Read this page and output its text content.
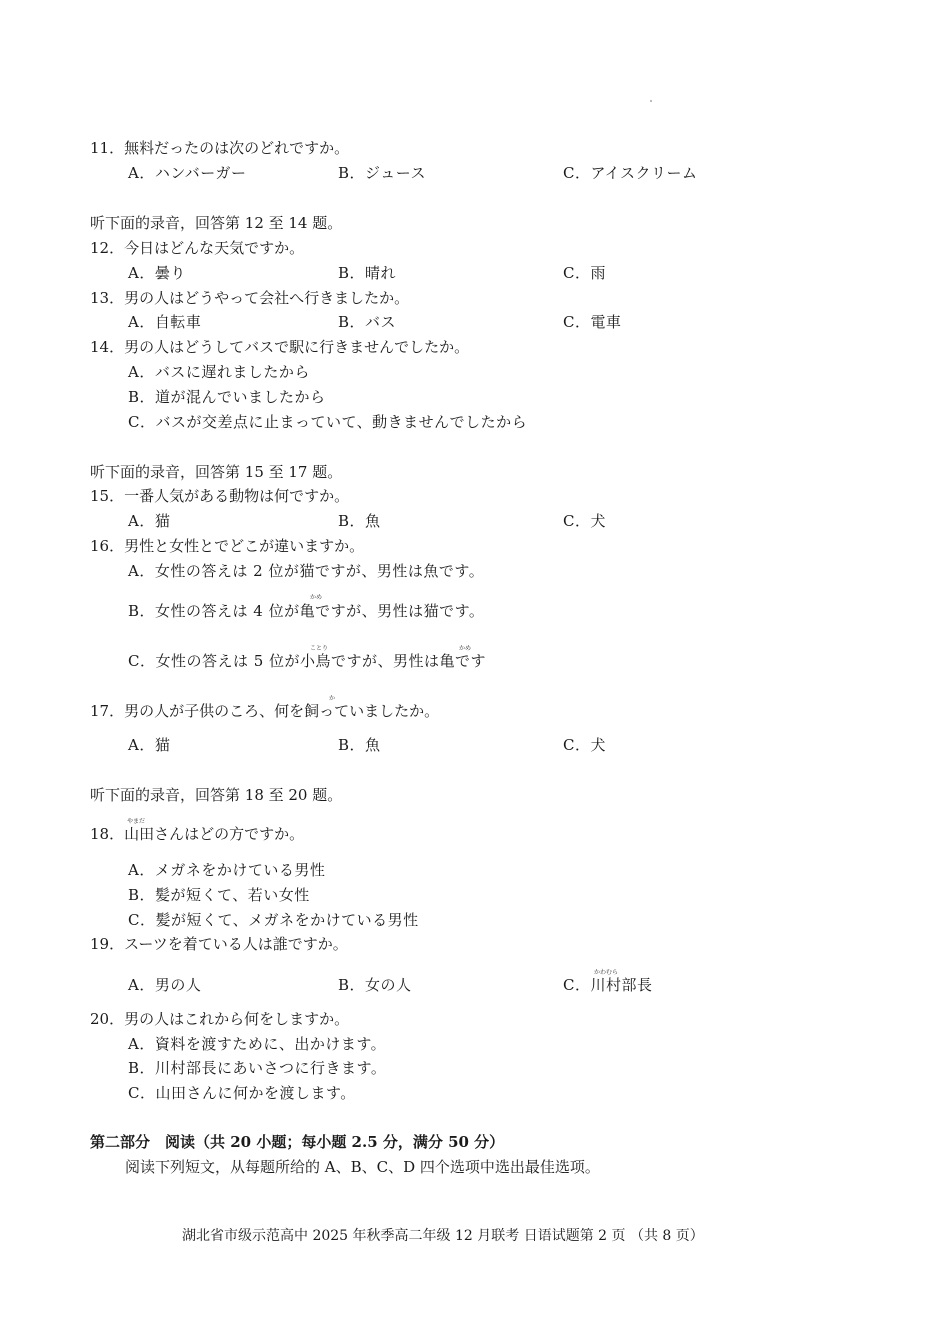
11．無料だったのは次のどれですか。
A．ハンバーガー	B．ジュース	C．アイスクリーム
听下面的录音，回答第 12 至 14 题。
12．今日はどんな天気ですか。
A．曇り	B．晴れ	C．雨
13．男の人はどうやって会社へ行きましたか。
A．自転車	B．バス	C．電車
14．男の人はどうしてバスで駅に行きませんでしたか。
A．バスに遅れましたから
B．道が混んでいましたから
C．バスが交差点に止まっていて、動きませんでしたから
听下面的录音，回答第 15 至 17 题。
15．一番人気がある動物は何ですか。
A．猫	B．魚	C．犬
16．男性と女性とでどこが違いますか。
A．女性の答えは 2 位が猫ですが、男性は魚です。
かめ
B．女性の答えは 4 位が亀ですが、男性は猫です。
ことり	かめ
C．女性の答えは 5 位が小鳥ですが、男性は亀です
か
17．男の人が子供のころ、何を飼っていましたか。
A．猫	B．魚	C．犬
听下面的录音，回答第 18 至 20 题。
やまだ
18．山田さんはどの方ですか。
A．メガネをかけている男性
B．髪が短くて、若い女性
C．髪が短くて、メガネをかけている男性
19．スーツを着ている人は誰ですか。
A．男の人	B．女の人
かわむら
C．川村部長
20．男の人はこれから何をしますか。
A．資料を渡すために、出かけます。
B．川村部長にあいさつに行きます。
C．山田さんに何かを渡します。
第二部分　阅读（共 20 小题；每小题 2.5 分，满分 50 分）
阅读下列短文，从每题所给的 A、B、C、D 四个选项中选出最佳选项。
湖北省市级示范高中 2025 年秋季高二年级 12 月联考 日语试题第 2 页 （共 8 页）
